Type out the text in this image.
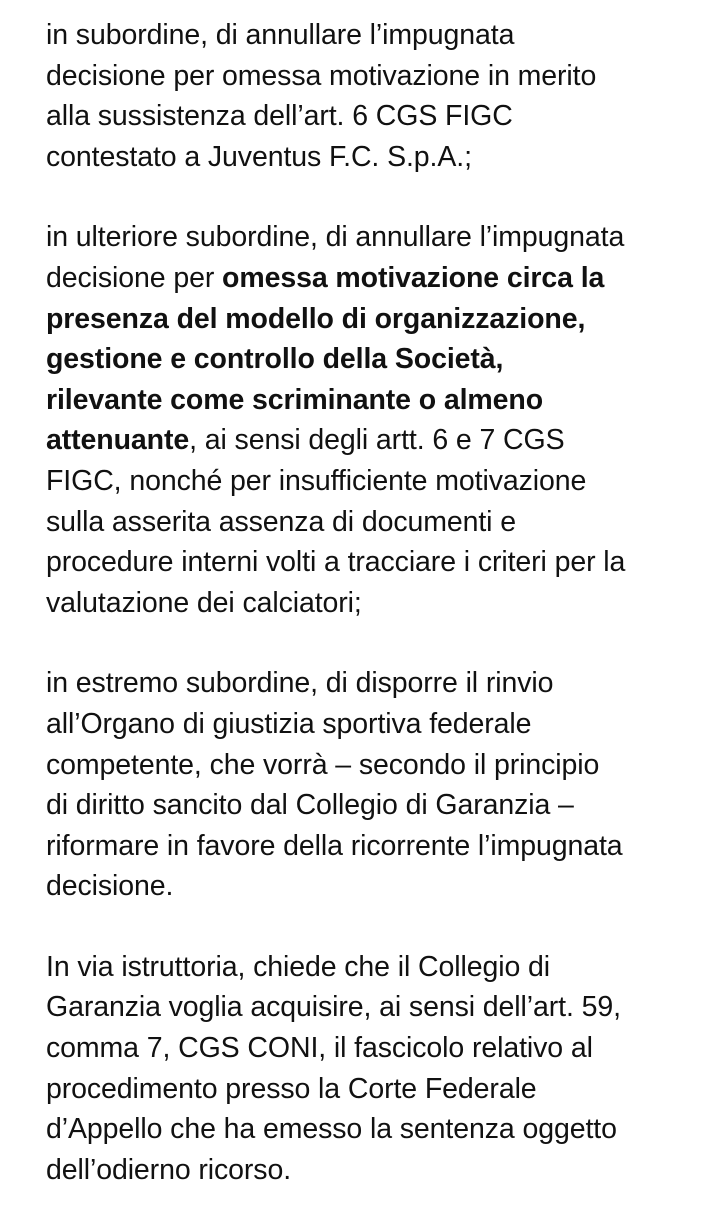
in subordine, di annullare l’impugnata
decisione per omessa motivazione in merito
alla sussistenza dell’art. 6 CGS FIGC
contestato a Juventus F.C. S.p.A.;

in ulteriore subordine, di annullare l’impugnata
decisione per omessa motivazione circa la
presenza del modello di organizzazione,
gestione e controllo della Società,
rilevante come scriminante o almeno
attenuante, ai sensi degli artt. 6 e 7 CGS
FIGC, nonché per insufficiente motivazione
sulla asserita assenza di documenti e
procedure interni volti a tracciare i criteri per la
valutazione dei calciatori;

in estremo subordine, di disporre il rinvio
all’Organo di giustizia sportiva federale
competente, che vorrà – secondo il principio
di diritto sancito dal Collegio di Garanzia –
riformare in favore della ricorrente l’impugnata
decisione.

In via istruttoria, chiede che il Collegio di
Garanzia voglia acquisire, ai sensi dell’art. 59,
comma 7, CGS CONI, il fascicolo relativo al
procedimento presso la Corte Federale
d’Appello che ha emesso la sentenza oggetto
dell’odierno ricorso.
